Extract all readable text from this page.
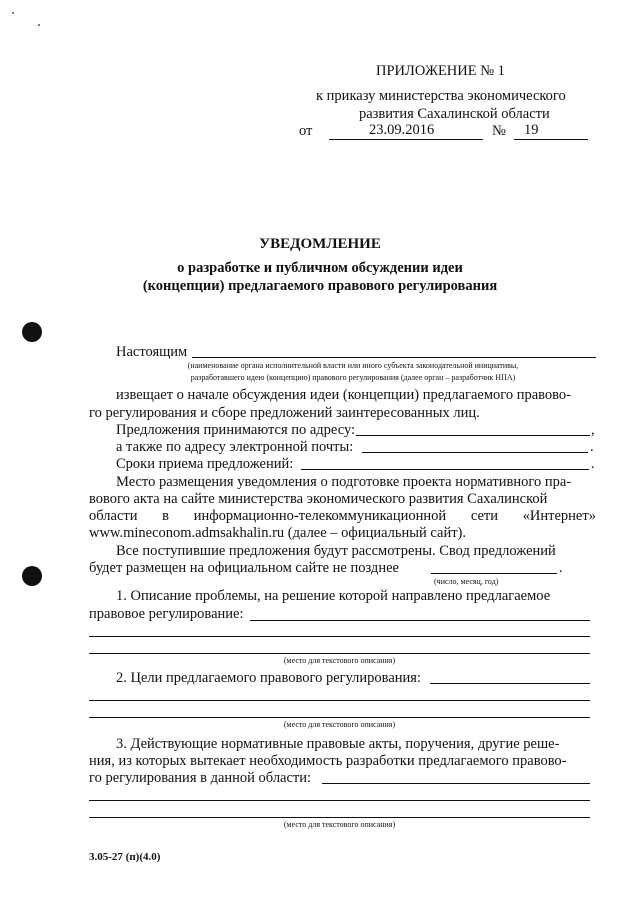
ПРИЛОЖЕНИЕ № 1
к приказу министерства экономического
развития Сахалинской области
от	23.09.2016	№ 19
УВЕДОМЛЕНИЕ
о разработке и публичном обсуждении идеи
(концепции) предлагаемого правового регулирования
Настоящим
(наименование органа исполнительной власти или иного субъекта законодательной инициативы,
разработавшего идею (концепцию) правового регулирования (далее орган – разработчик НПА)
извещает о начале обсуждения идеи (концепции) предлагаемого правово-
го регулирования и сборе предложений заинтересованных лиц.
Предложения принимаются по адресу:	,
а также по адресу электронной почты:	.
Сроки приема предложений:	.
Место размещения уведомления о подготовке проекта нормативного пра-
вового акта на сайте министерства экономического развития Сахалинской
области в информационно-телекоммуникационной сети «Интернет»
www.mineconom.admsakhalin.ru (далее – официальный сайт).
Все поступившие предложения будут рассмотрены. Свод предложений
будет размещен на официальном сайте не позднее	.
(число, месяц, год)
1. Описание проблемы, на решение которой направлено предлагаемое
правовое регулирование:
(место для текстового описания)
2. Цели предлагаемого правового регулирования:
(место для текстового описания)
3. Действующие нормативные правовые акты, поручения, другие реше-
ния, из которых вытекает необходимость разработки предлагаемого правово-
го регулирования в данной области:
(место для текстового описания)
3.05-27 (п)(4.0)
